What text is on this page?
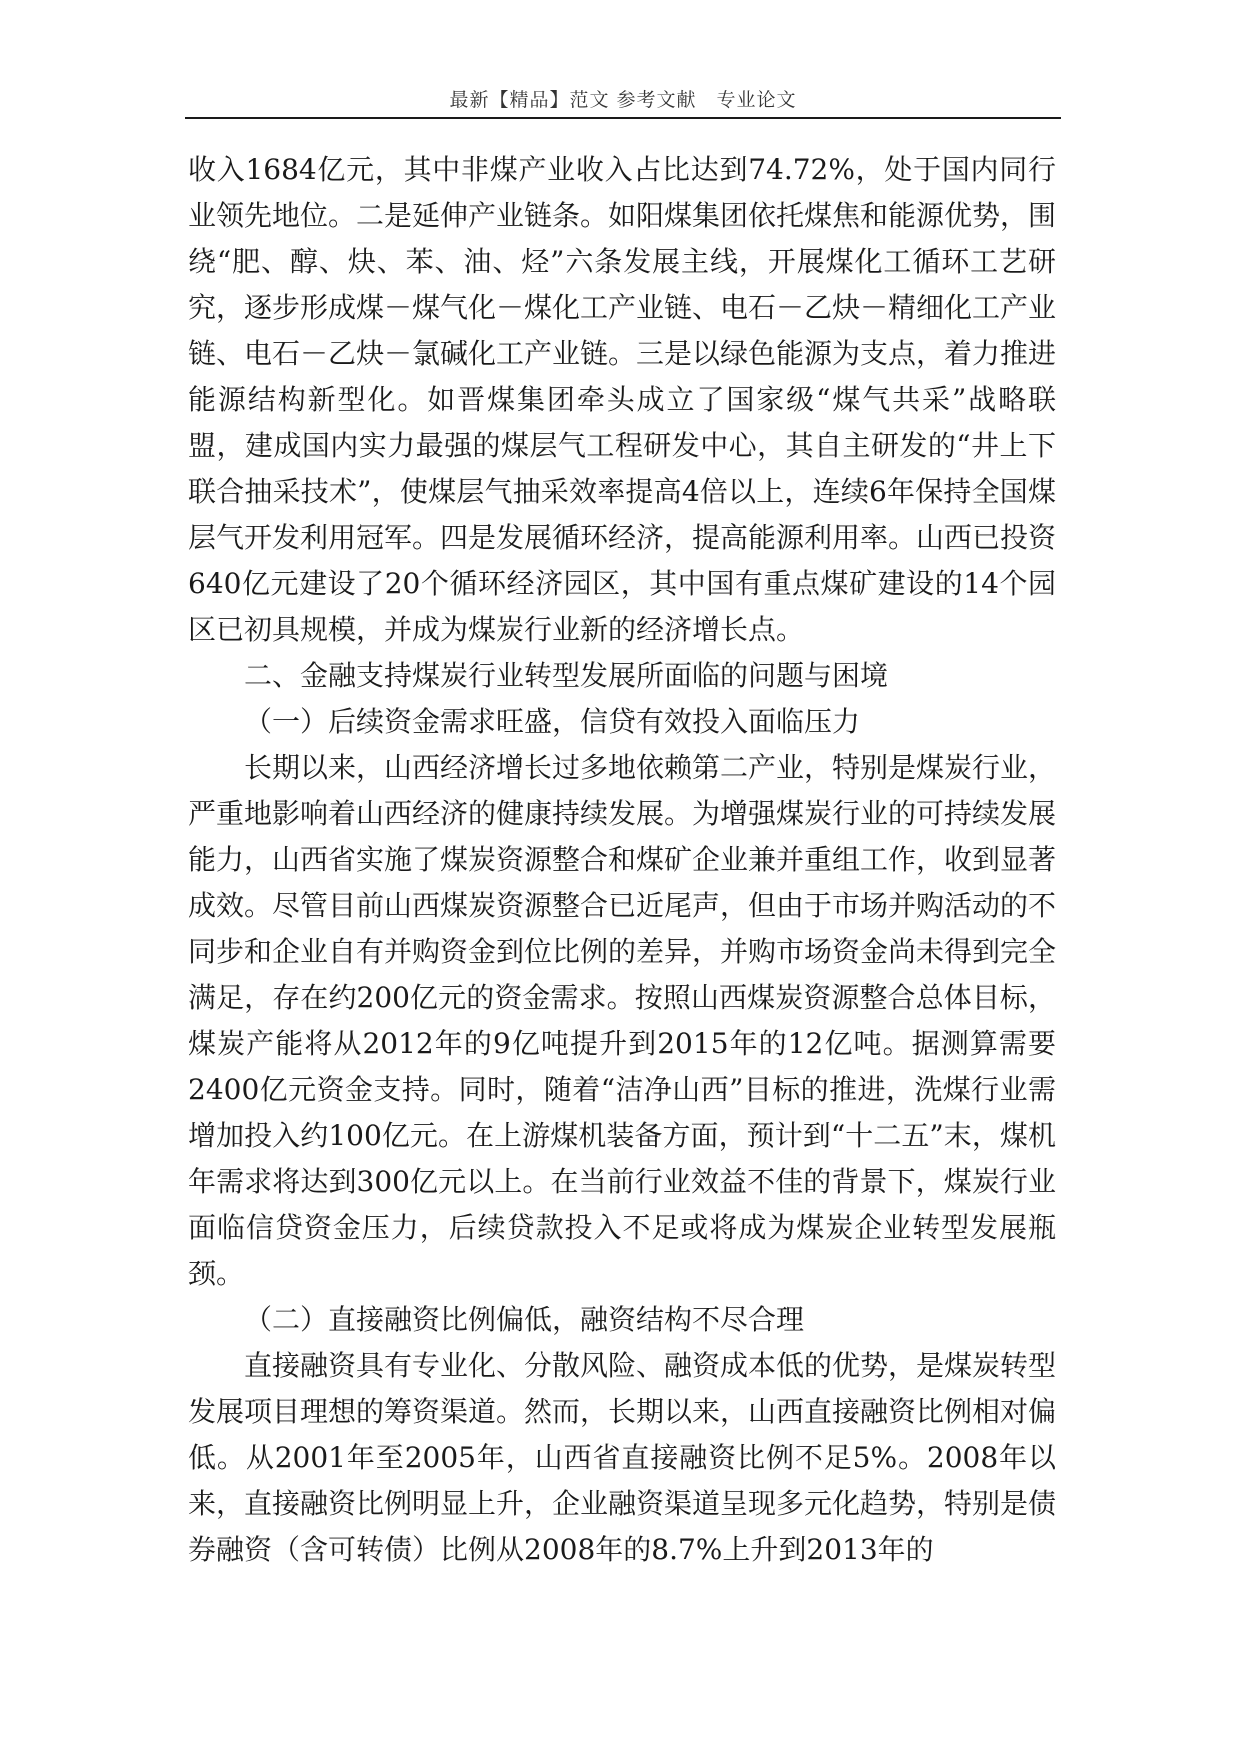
最新【精品】范文 参考文献　专业论文

收入1684亿元，其中非煤产业收入占比达到74.72%，处于国内同行业领先地位。二是延伸产业链条。如阳煤集团依托煤焦和能源优势，围绕“肥、醇、炔、苯、油、烃”六条发展主线，开展煤化工循环工艺研究，逐步形成煤－煤气化－煤化工产业链、电石－乙炔－精细化工产业链、电石－乙炔－氯碱化工产业链。三是以绿色能源为支点，着力推进能源结构新型化。如晋煤集团牵头成立了国家级“煤气共采”战略联盟，建成国内实力最强的煤层气工程研发中心，其自主研发的“井上下联合抽采技术”，使煤层气抽采效率提高4倍以上，连续6年保持全国煤层气开发利用冠军。四是发展循环经济，提高能源利用率。山西已投资640亿元建设了20个循环经济园区，其中国有重点煤矿建设的14个园区已初具规模，并成为煤炭行业新的经济增长点。

二、金融支持煤炭行业转型发展所面临的问题与困境

（一）后续资金需求旺盛，信贷有效投入面临压力

长期以来，山西经济增长过多地依赖第二产业，特别是煤炭行业，严重地影响着山西经济的健康持续发展。为增强煤炭行业的可持续发展能力，山西省实施了煤炭资源整合和煤矿企业兼并重组工作，收到显著成效。尽管目前山西煤炭资源整合已近尾声，但由于市场并购活动的不同步和企业自有并购资金到位比例的差异，并购市场资金尚未得到完全满足，存在约200亿元的资金需求。按照山西煤炭资源整合总体目标，煤炭产能将从2012年的9亿吨提升到2015年的12亿吨。据测算需要2400亿元资金支持。同时，随着“洁净山西”目标的推进，洗煤行业需增加投入约100亿元。在上游煤机装备方面，预计到“十二五”末，煤机年需求将达到300亿元以上。在当前行业效益不佳的背景下，煤炭行业面临信贷资金压力，后续贷款投入不足或将成为煤炭企业转型发展瓶颈。

（二）直接融资比例偏低，融资结构不尽合理

直接融资具有专业化、分散风险、融资成本低的优势，是煤炭转型发展项目理想的筹资渠道。然而，长期以来，山西直接融资比例相对偏低。从2001年至2005年，山西省直接融资比例不足5%。2008年以来，直接融资比例明显上升，企业融资渠道呈现多元化趋势，特别是债券融资（含可转债）比例从2008年的8.7%上升到2013年的
